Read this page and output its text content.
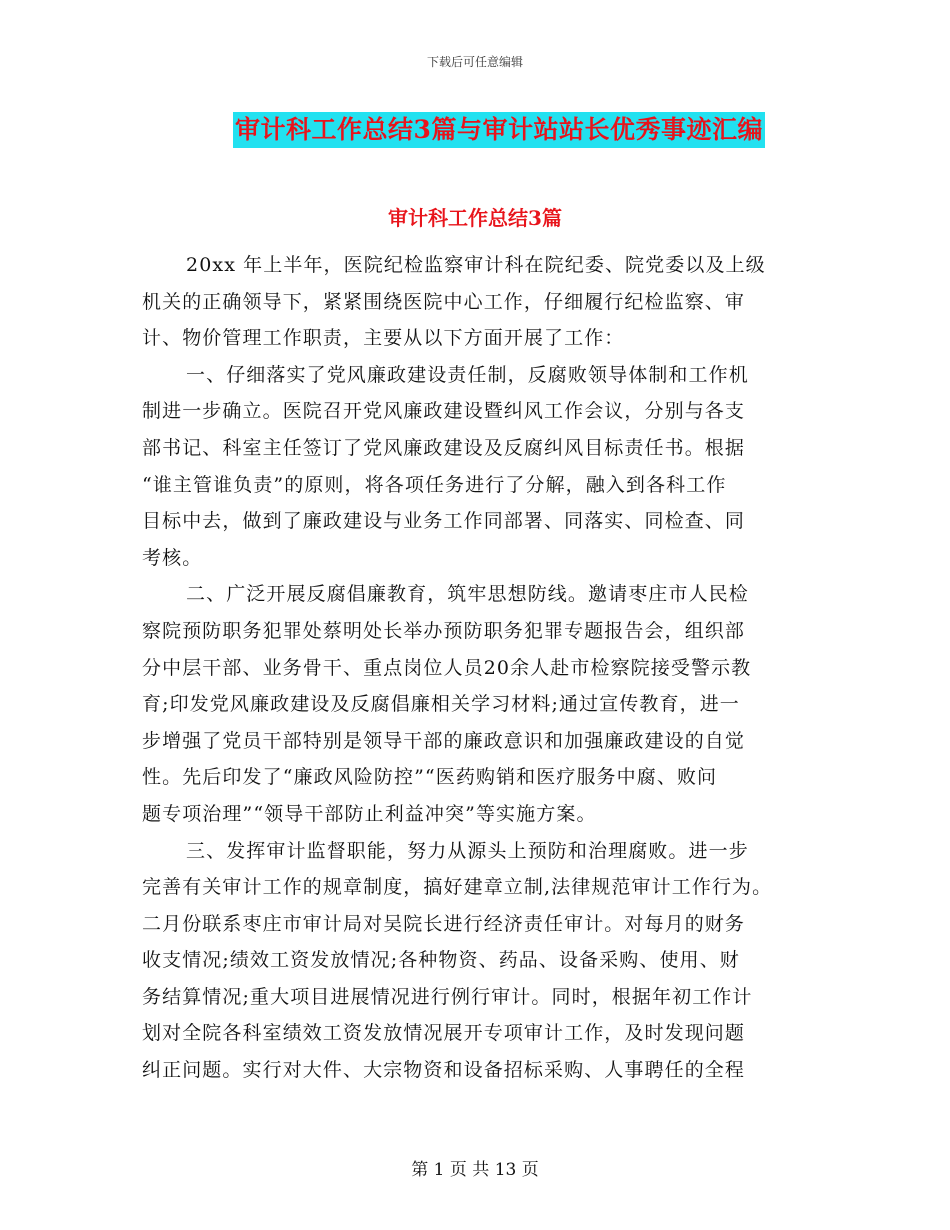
下载后可任意编辑
审计科工作总结3篇与审计站站长优秀事迹汇编
审计科工作总结3篇

20xx 年上半年，医院纪检监察审计科在院纪委、院党委以及上级
机关的正确领导下，紧紧围绕医院中心工作，仔细履行纪检监察、审
计、物价管理工作职责，主要从以下方面开展了工作：

一、仔细落实了党风廉政建设责任制，反腐败领导体制和工作机
制进一步确立。医院召开党风廉政建设暨纠风工作会议，分别与各支
部书记、科室主任签订了党风廉政建设及反腐纠风目标责任书。根据
“谁主管谁负责”的原则，将各项任务进行了分解，融入到各科工作
目标中去，做到了廉政建设与业务工作同部署、同落实、同检查、同
考核。

二、广泛开展反腐倡廉教育，筑牢思想防线。邀请枣庄市人民检
察院预防职务犯罪处蔡明处长举办预防职务犯罪专题报告会，组织部
分中层干部、业务骨干、重点岗位人员20余人赴市检察院接受警示教
育;印发党风廉政建设及反腐倡廉相关学习材料;通过宣传教育，进一
步增强了党员干部特别是领导干部的廉政意识和加强廉政建设的自觉
性。先后印发了“廉政风险防控”“医药购销和医疗服务中腐、败问
题专项治理”“领导干部防止利益冲突”等实施方案。

三、发挥审计监督职能，努力从源头上预防和治理腐败。进一步
完善有关审计工作的规章制度，搞好建章立制,法律规范审计工作行为。
二月份联系枣庄市审计局对吴院长进行经济责任审计。对每月的财务
收支情况;绩效工资发放情况;各种物资、药品、设备采购、使用、财
务结算情况;重大项目进展情况进行例行审计。同时，根据年初工作计
划对全院各科室绩效工资发放情况展开专项审计工作，及时发现问题
纠正问题。实行对大件、大宗物资和设备招标采购、人事聘任的全程

第 1 页 共 13 页
